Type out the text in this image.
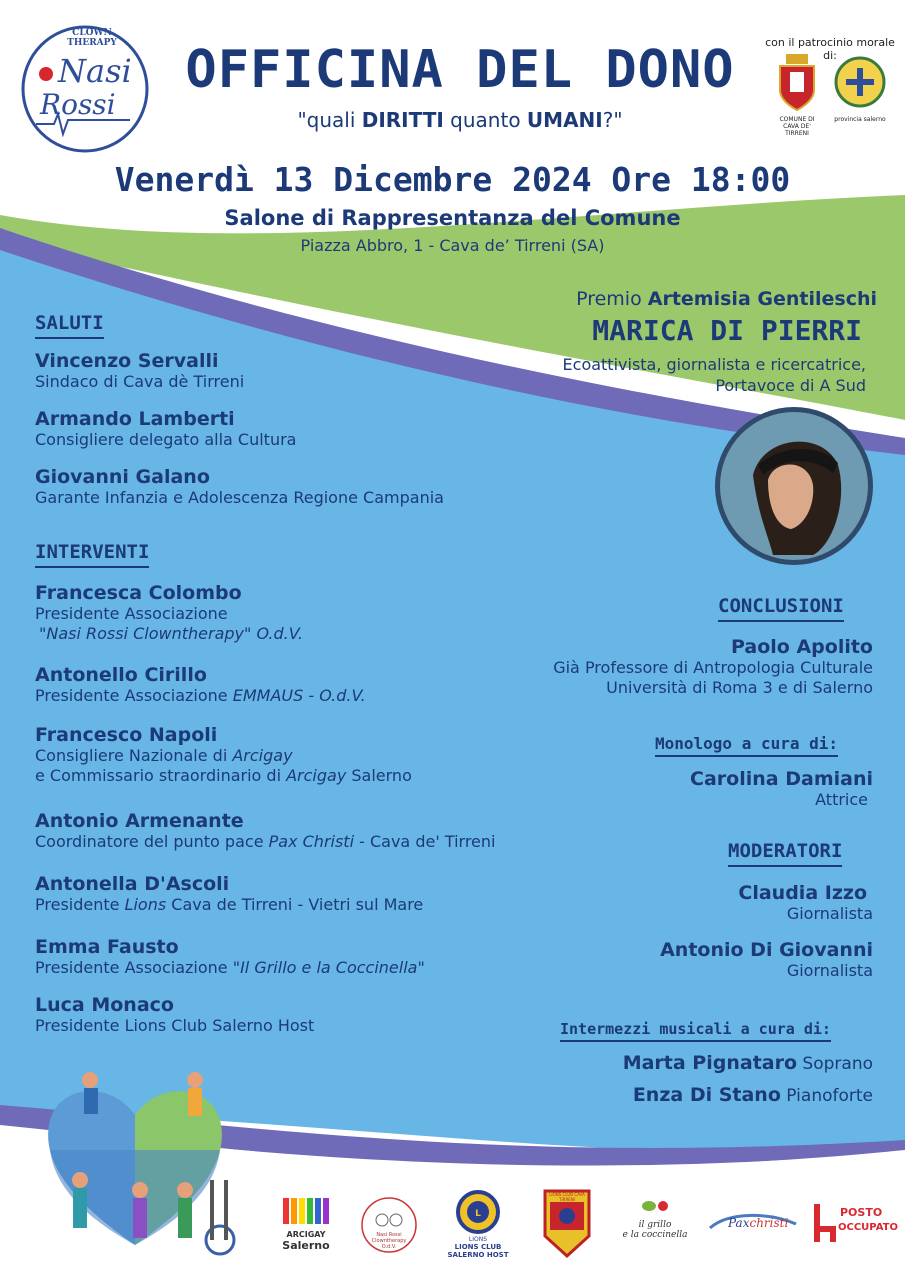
CLOWN THERAPY
Nasi
Rossi
OFFICINA DEL DONO
"quali DIRITTI quanto UMANI?"
con il patrocinio morale di:
COMUNE DI CAVA DE' TIRRENI
provincia salerno
Venerdì 13 Dicembre 2024 Ore 18:00
Salone di Rappresentanza del Comune
Piazza Abbro, 1 - Cava de’ Tirreni (SA)
Premio Artemisia Gentileschi
MARICA DI PIERRI
Ecoattivista, giornalista e ricercatrice,
Portavoce di A Sud
SALUTI
Vincenzo Servalli
Sindaco di Cava dè Tirreni
Armando Lamberti
Consigliere delegato alla Cultura
Giovanni Galano
Garante Infanzia e Adolescenza Regione Campania
INTERVENTI
Francesca Colombo
Presidente Associazione
"Nasi Rossi Clowntherapy" O.d.V.
Antonello Cirillo
Presidente Associazione EMMAUS - O.d.V.
Francesco Napoli
Consigliere Nazionale di Arcigay
e Commissario straordinario di Arcigay Salerno
Antonio Armenante
Coordinatore del punto pace Pax Christi - Cava de' Tirreni
Antonella D'Ascoli
Presidente Lions Cava de Tirreni - Vietri sul Mare
Emma Fausto
Presidente Associazione "Il Grillo e la Coccinella"
Luca Monaco
Presidente Lions Club Salerno Host
CONCLUSIONI
Paolo Apolito
Già Professore di Antropologia Culturale
Università di Roma 3 e di Salerno
Monologo a cura di:
Carolina Damiani
Attrice
MODERATORI
Claudia Izzo
Giornalista
Antonio Di Giovanni
Giornalista
Intermezzi musicali a cura di:
Marta Pignataro Soprano
Enza Di Stano Pianoforte
ARCIGAY
Salerno
Nasi Rossi Clowntherapy O.d.V.
L
LIONS
LIONS CLUB
SALERNO HOST
LIONS CLUB CAVA TIRRENI
il grillo
e la coccinella
Paxchristi
POSTO
OCCUPATO
